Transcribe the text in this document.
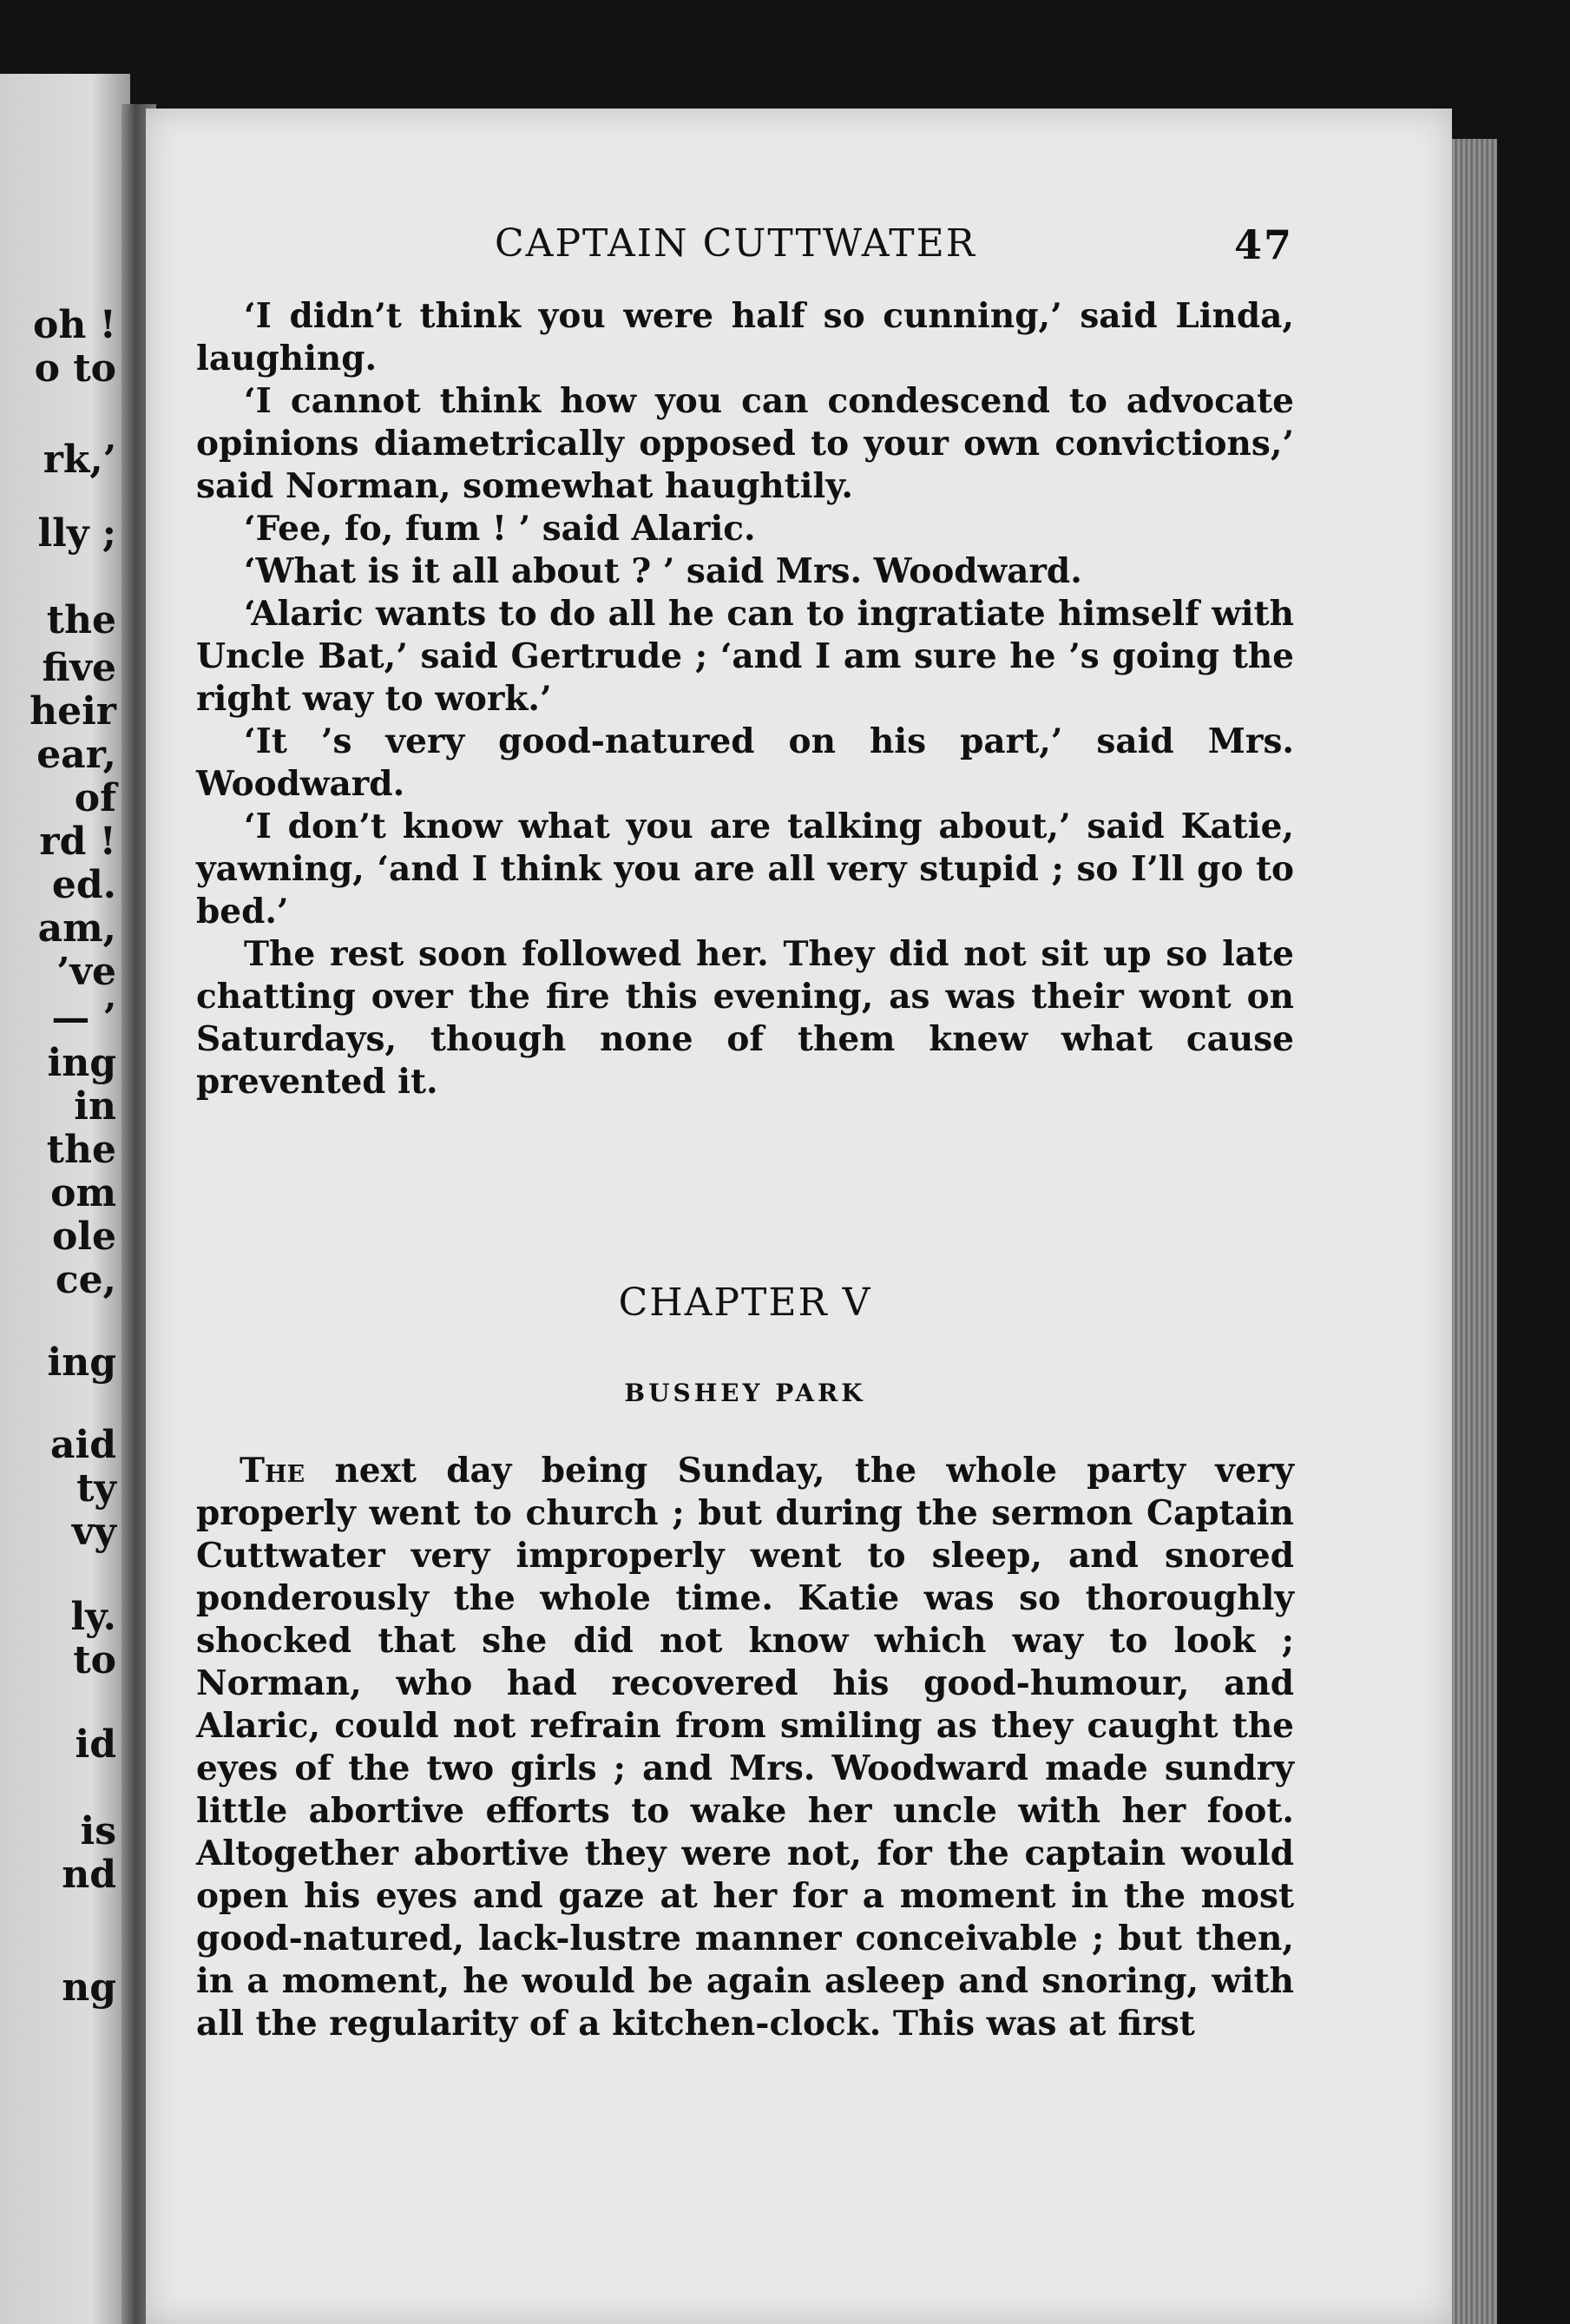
oh !
o to
rk,’
lly ;
the
five
heir
ear,
of
rd !
ed.
am,
’ve
— ’
ing
in
the
om
ole
ce,
ing
aid
ty
vy
ly.
to
id
is
nd
ng
CAPTAIN CUTTWATER	47

‘I didn’t think you were half so cunning,’ said Linda, laughing.

‘I cannot think how you can condescend to advocate opinions diametrically opposed to your own convictions,’ said Norman, somewhat haughtily.

‘Fee, fo, fum ! ’ said Alaric.

‘What is it all about ? ’ said Mrs. Woodward.

‘Alaric wants to do all he can to ingratiate himself with Uncle Bat,’ said Gertrude ; ‘and I am sure he ’s going the right way to work.’

‘It ’s very good-natured on his part,’ said Mrs. Woodward.

‘I don’t know what you are talking about,’ said Katie, yawning, ‘and I think you are all very stupid ; so I’ll go to bed.’

The rest soon followed her. They did not sit up so late chatting over the fire this evening, as was their wont on Saturdays, though none of them knew what cause prevented it.

CHAPTER V
BUSHEY PARK

The next day being Sunday, the whole party very properly went to church ; but during the sermon Captain Cuttwater very improperly went to sleep, and snored ponderously the whole time. Katie was so thoroughly shocked that she did not know which way to look ; Norman, who had recovered his good-humour, and Alaric, could not refrain from smiling as they caught the eyes of the two girls ; and Mrs. Woodward made sundry little abortive efforts to wake her uncle with her foot. Altogether abortive they were not, for the captain would open his eyes and gaze at her for a moment in the most good-natured, lack-lustre manner conceivable ; but then, in a moment, he would be again asleep and snoring, with all the regularity of a kitchen-clock. This was at first
